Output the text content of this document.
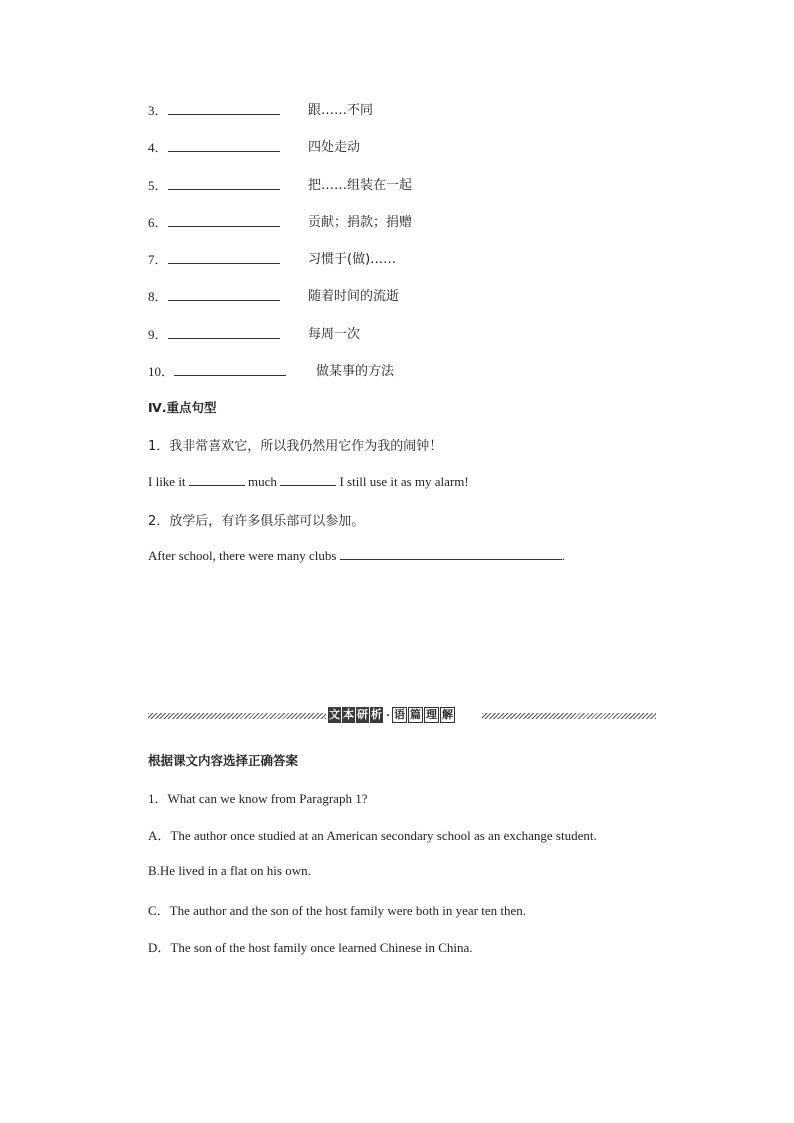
3．	跟……不同
4．	四处走动
5．	把……组装在一起
6．	贡献；捐款；捐赠
7．	习惯于(做)……
8．	随着时间的流逝
9．	每周一次
10．	做某事的方法
Ⅳ.重点句型
1．我非常喜欢它，所以我仍然用它作为我的闹钟！
I like it	much	I still use it as my alarm!
2．放学后，有许多俱乐部可以参加。
After school, there were many clubs	.
文 本 研 析 · 语 篇 理 解
根据课文内容选择正确答案
1．What can we know from Paragraph 1?
A．The author once studied at an American secondary school as an exchange student.
B.He lived in a flat on his own.
C．The author and the son of the host family were both in year ten then.
D．The son of the host family once learned Chinese in China.
